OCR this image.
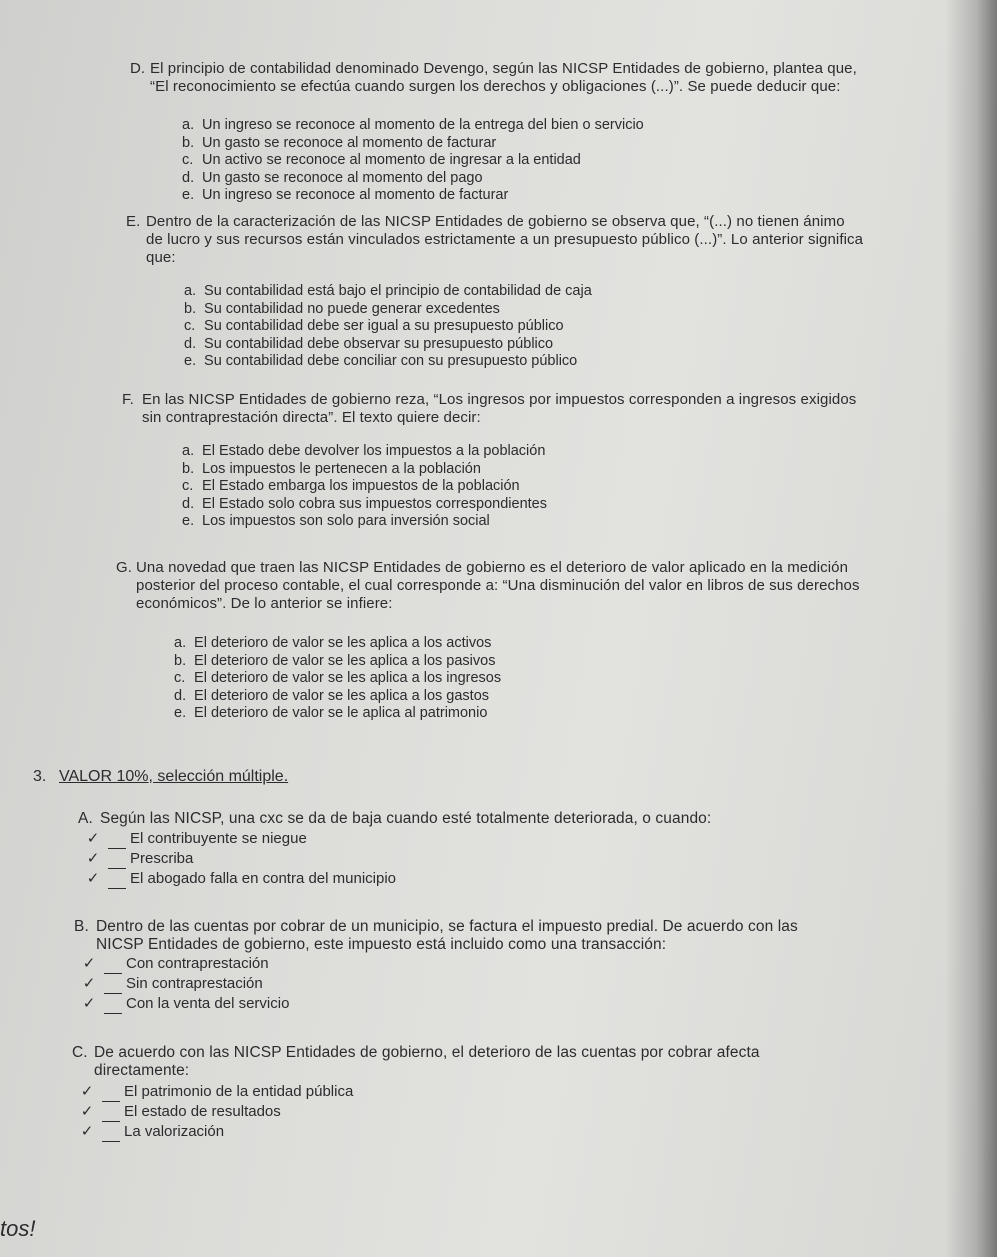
D. El principio de contabilidad denominado Devengo, según las NICSP Entidades de gobierno, plantea que,
“El reconocimiento se efectúa cuando surgen los derechos y obligaciones (...)”. Se puede deducir que:
a. Un ingreso se reconoce al momento de la entrega del bien o servicio
b. Un gasto se reconoce al momento de facturar
c. Un activo se reconoce al momento de ingresar a la entidad
d. Un gasto se reconoce al momento del pago
e. Un ingreso se reconoce al momento de facturar
E. Dentro de la caracterización de las NICSP Entidades de gobierno se observa que, “(...) no tienen ánimo
de lucro y sus recursos están vinculados estrictamente a un presupuesto público (...)”. Lo anterior significa
que:
a. Su contabilidad está bajo el principio de contabilidad de caja
b. Su contabilidad no puede generar excedentes
c. Su contabilidad debe ser igual a su presupuesto público
d. Su contabilidad debe observar su presupuesto público
e. Su contabilidad debe conciliar con su presupuesto público
F. En las NICSP Entidades de gobierno reza, “Los ingresos por impuestos corresponden a ingresos exigidos
sin contraprestación directa”. El texto quiere decir:
a. El Estado debe devolver los impuestos a la población
b. Los impuestos le pertenecen a la población
c. El Estado embarga los impuestos de la población
d. El Estado solo cobra sus impuestos correspondientes
e. Los impuestos son solo para inversión social
G. Una novedad que traen las NICSP Entidades de gobierno es el deterioro de valor aplicado en la medición
posterior del proceso contable, el cual corresponde a: “Una disminución del valor en libros de sus derechos
económicos”. De lo anterior se infiere:
a. El deterioro de valor se les aplica a los activos
b. El deterioro de valor se les aplica a los pasivos
c. El deterioro de valor se les aplica a los ingresos
d. El deterioro de valor se les aplica a los gastos
e. El deterioro de valor se le aplica al patrimonio
3. VALOR 10%, selección múltiple.
A. Según las NICSP, una cxc se da de baja cuando esté totalmente deteriorada, o cuando:
✓	El contribuyente se niegue
✓	Prescriba
✓	El abogado falla en contra del municipio
B. Dentro de las cuentas por cobrar de un municipio, se factura el impuesto predial. De acuerdo con las
NICSP Entidades de gobierno, este impuesto está incluido como una transacción:
✓	Con contraprestación
✓	Sin contraprestación
✓	Con la venta del servicio
C. De acuerdo con las NICSP Entidades de gobierno, el deterioro de las cuentas por cobrar afecta
directamente:
✓	El patrimonio de la entidad pública
✓	El estado de resultados
✓	La valorización
tos!
